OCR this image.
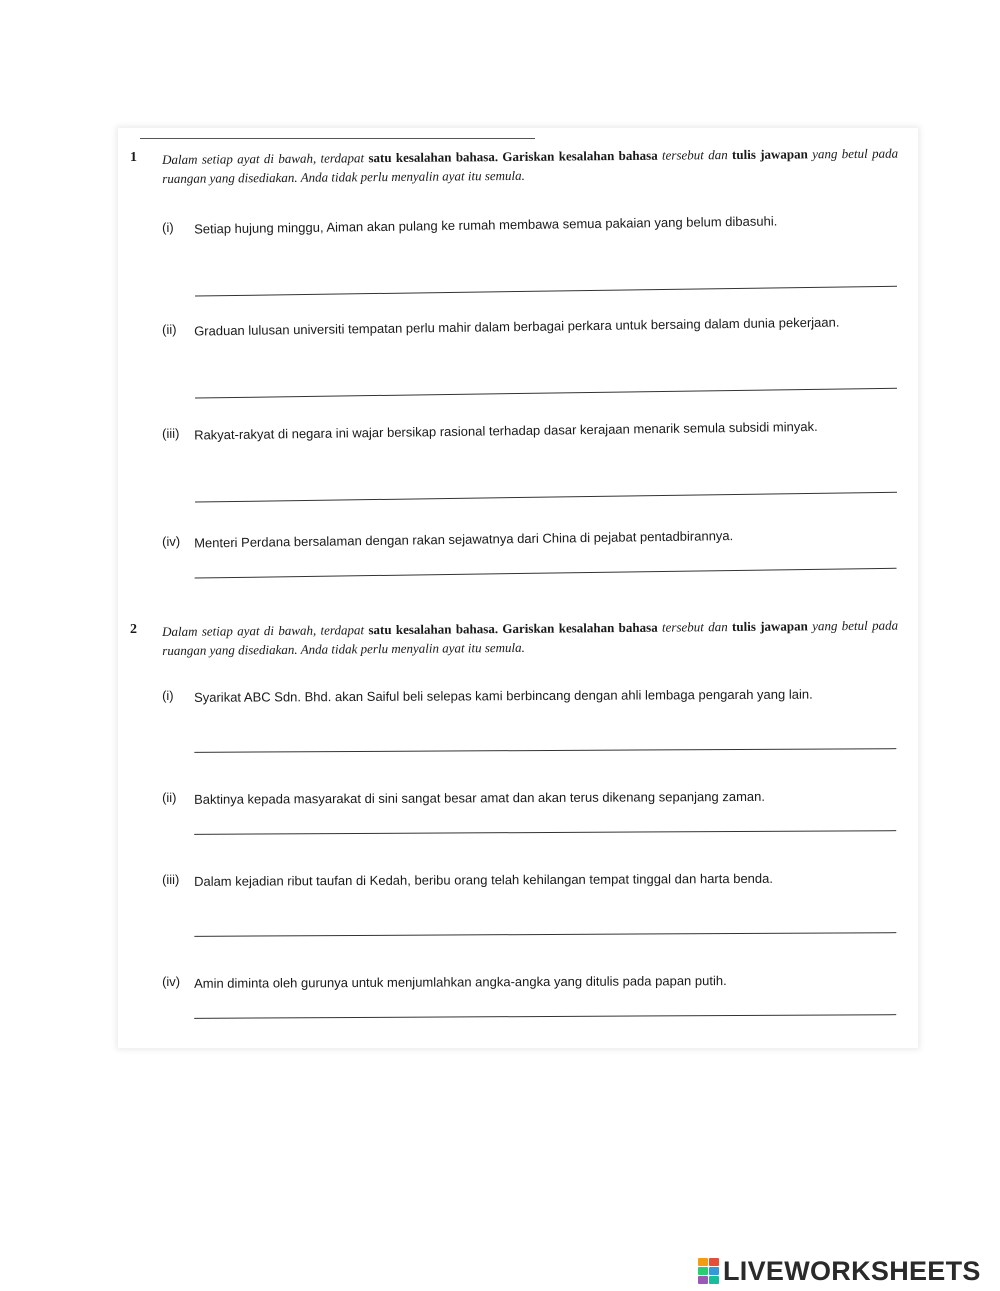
1	Dalam setiap ayat di bawah, terdapat satu kesalahan bahasa. Gariskan kesalahan bahasa tersebut dan tulis jawapan yang betul pada ruangan yang disediakan. Anda tidak perlu menyalin ayat itu semula.
(i)	Setiap hujung minggu, Aiman akan pulang ke rumah membawa semua pakaian yang belum dibasuhi.
(ii)	Graduan lulusan universiti tempatan perlu mahir dalam berbagai perkara untuk bersaing dalam dunia pekerjaan.
(iii)	Rakyat-rakyat di negara ini wajar bersikap rasional terhadap dasar kerajaan menarik semula subsidi minyak.
(iv)	Menteri Perdana bersalaman dengan rakan sejawatnya dari China di pejabat pentadbirannya.
2	Dalam setiap ayat di bawah, terdapat satu kesalahan bahasa. Gariskan kesalahan bahasa tersebut dan tulis jawapan yang betul pada ruangan yang disediakan. Anda tidak perlu menyalin ayat itu semula.
(i)	Syarikat ABC Sdn. Bhd. akan Saiful beli selepas kami berbincang dengan ahli lembaga pengarah yang lain.
(ii)	Baktinya kepada masyarakat di sini sangat besar amat dan akan terus dikenang sepanjang zaman.
(iii)	Dalam kejadian ribut taufan di Kedah, beribu orang telah kehilangan tempat tinggal dan harta benda.
(iv)	Amin diminta oleh gurunya untuk menjumlahkan angka-angka yang ditulis pada papan putih.
LIVEWORKSHEETS
